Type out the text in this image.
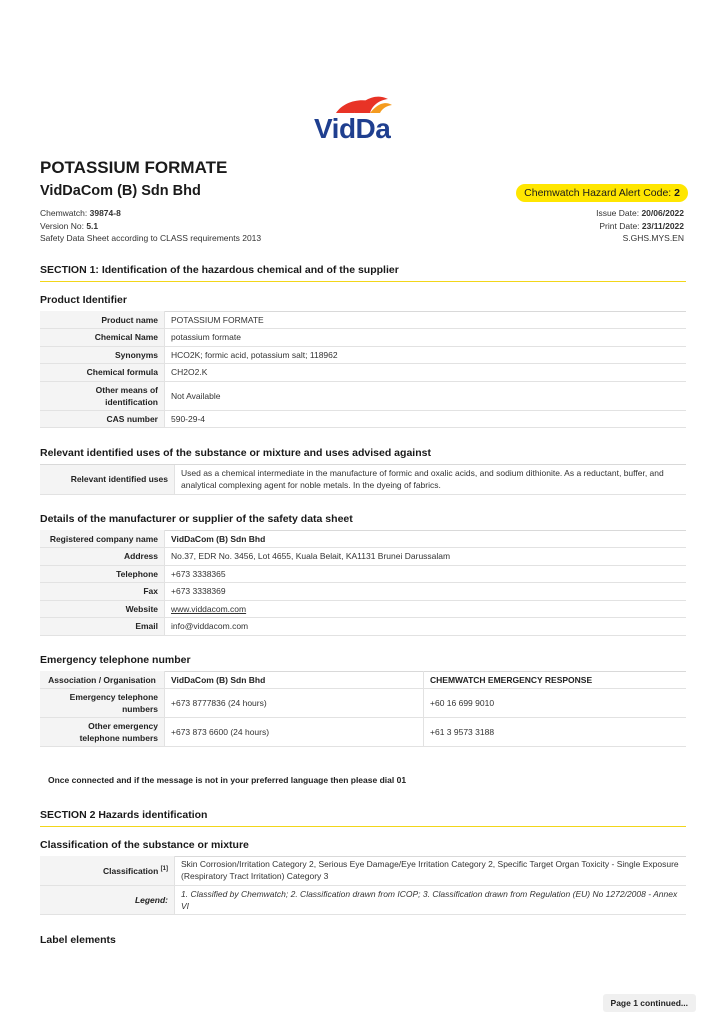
VidDa
POTASSIUM FORMATE
VidDaCom (B) Sdn Bhd	Chemwatch Hazard Alert Code: 2
Chemwatch: 39874-8
Version No: 5.1
Safety Data Sheet according to CLASS requirements 2013
Issue Date: 20/06/2022
Print Date: 23/11/2022
S.GHS.MYS.EN
SECTION 1: Identification of the hazardous chemical and of the supplier
Product Identifier
Product name	POTASSIUM FORMATE
Chemical Name	potassium formate
Synonyms	HCO2K; formic acid, potassium salt; 118962
Chemical formula	CH2O2.K
Other means of identification	Not Available
CAS number	590-29-4
Relevant identified uses of the substance or mixture and uses advised against
Relevant identified uses	Used as a chemical intermediate in the manufacture of formic and oxalic acids, and sodium dithionite. As a reductant, buffer, and analytical complexing agent for noble metals. In the dyeing of fabrics.
Details of the manufacturer or supplier of the safety data sheet
Registered company name	VidDaCom (B) Sdn Bhd
Address	No.37, EDR No. 3456, Lot 4655, Kuala Belait, KA1131 Brunei Darussalam
Telephone	+673 3338365
Fax	+673 3338369
Website	www.viddacom.com
Email	info@viddacom.com
Emergency telephone number
Association / Organisation	VidDaCom (B) Sdn Bhd	CHEMWATCH EMERGENCY RESPONSE
Emergency telephone numbers	+673 8777836 (24 hours)	+60 16 699 9010
Other emergency telephone numbers	+673 873 6600 (24 hours)	+61 3 9573 3188
Once connected and if the message is not in your preferred language then please dial 01
SECTION 2 Hazards identification
Classification of the substance or mixture
Classification [1]	Skin Corrosion/Irritation Category 2, Serious Eye Damage/Eye Irritation Category 2, Specific Target Organ Toxicity - Single Exposure (Respiratory Tract Irritation) Category 3
Legend:	1. Classified by Chemwatch; 2. Classification drawn from ICOP; 3. Classification drawn from Regulation (EU) No 1272/2008 - Annex VI
Label elements
Page 1 continued...
